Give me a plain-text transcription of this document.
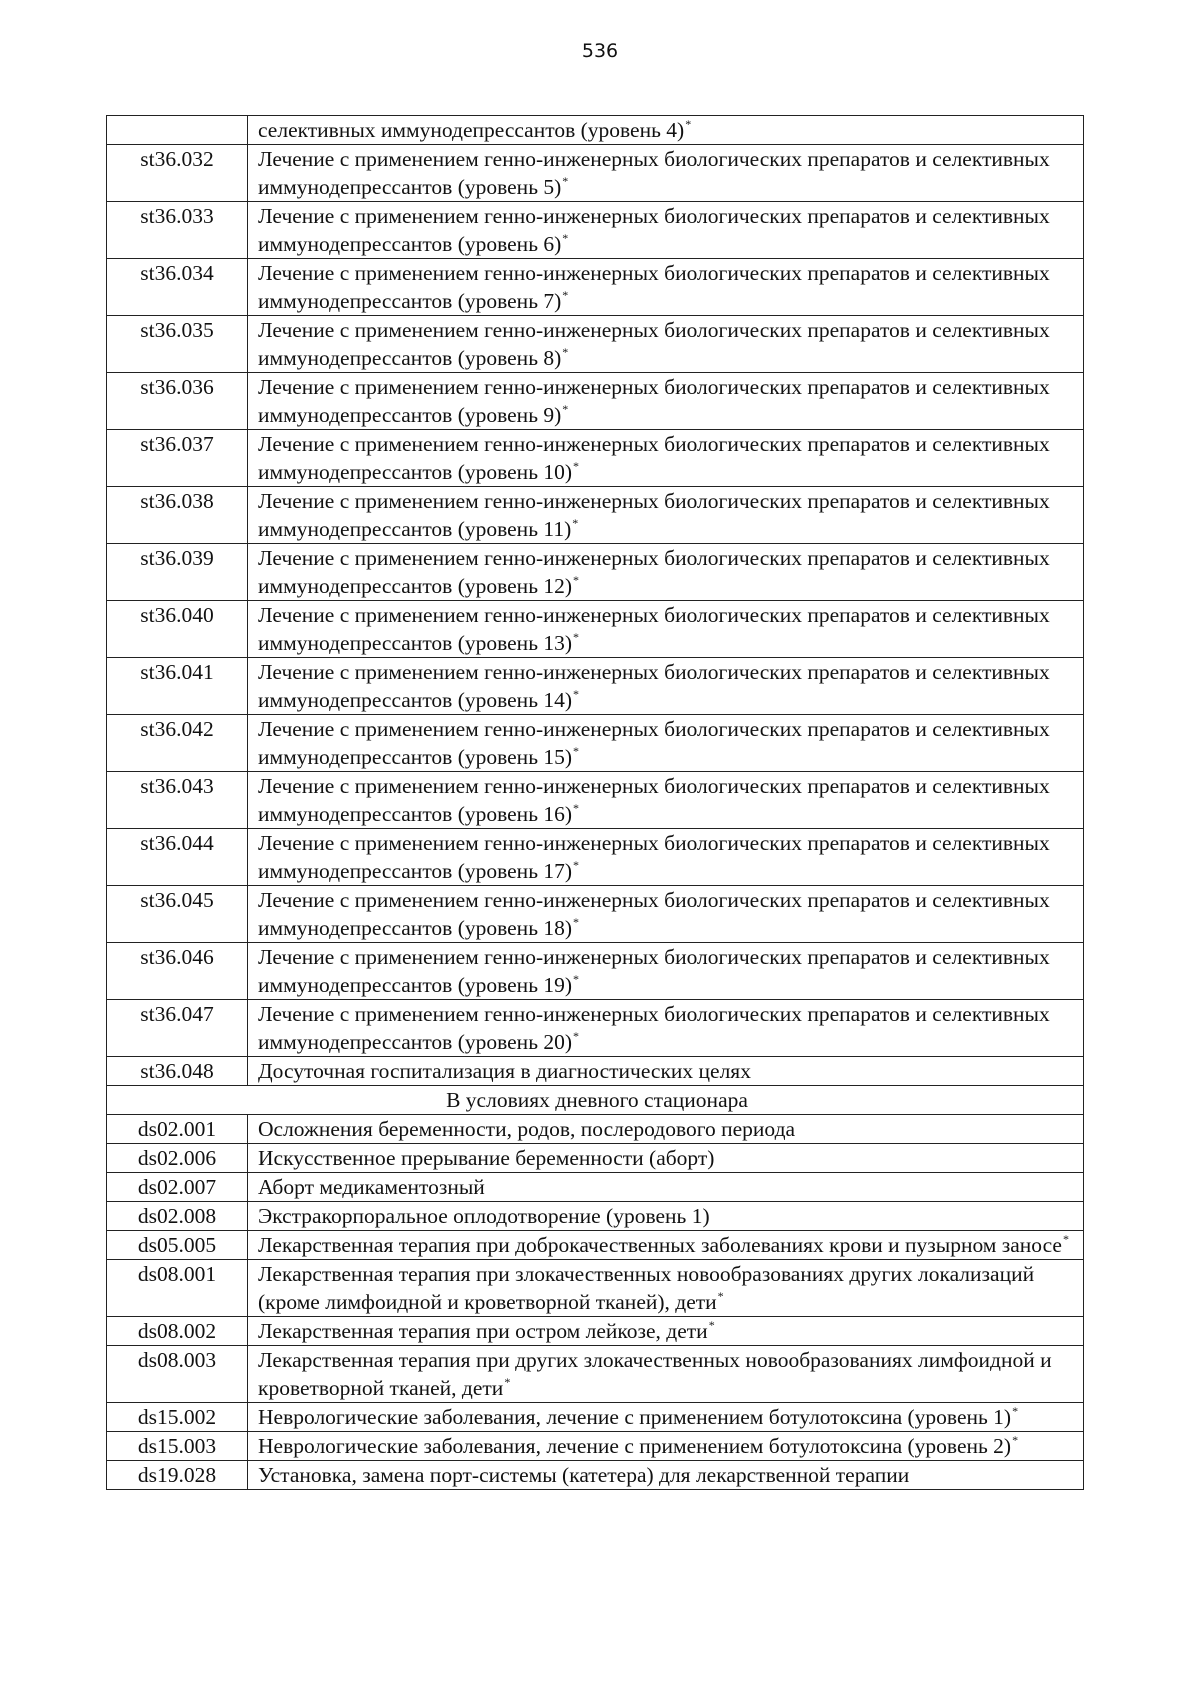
536
	селективных иммунодепрессантов (уровень 4)*
st36.032	Лечение с применением генно-инженерных биологических препаратов и селективных иммунодепрессантов (уровень 5)*
st36.033	Лечение с применением генно-инженерных биологических препаратов и селективных иммунодепрессантов (уровень 6)*
st36.034	Лечение с применением генно-инженерных биологических препаратов и селективных иммунодепрессантов (уровень 7)*
st36.035	Лечение с применением генно-инженерных биологических препаратов и селективных иммунодепрессантов (уровень 8)*
st36.036	Лечение с применением генно-инженерных биологических препаратов и селективных иммунодепрессантов (уровень 9)*
st36.037	Лечение с применением генно-инженерных биологических препаратов и селективных иммунодепрессантов (уровень 10)*
st36.038	Лечение с применением генно-инженерных биологических препаратов и селективных иммунодепрессантов (уровень 11)*
st36.039	Лечение с применением генно-инженерных биологических препаратов и селективных иммунодепрессантов (уровень 12)*
st36.040	Лечение с применением генно-инженерных биологических препаратов и селективных иммунодепрессантов (уровень 13)*
st36.041	Лечение с применением генно-инженерных биологических препаратов и селективных иммунодепрессантов (уровень 14)*
st36.042	Лечение с применением генно-инженерных биологических препаратов и селективных иммунодепрессантов (уровень 15)*
st36.043	Лечение с применением генно-инженерных биологических препаратов и селективных иммунодепрессантов (уровень 16)*
st36.044	Лечение с применением генно-инженерных биологических препаратов и селективных иммунодепрессантов (уровень 17)*
st36.045	Лечение с применением генно-инженерных биологических препаратов и селективных иммунодепрессантов (уровень 18)*
st36.046	Лечение с применением генно-инженерных биологических препаратов и селективных иммунодепрессантов (уровень 19)*
st36.047	Лечение с применением генно-инженерных биологических препаратов и селективных иммунодепрессантов (уровень 20)*
st36.048	Досуточная госпитализация в диагностических целях
В условиях дневного стационара	
ds02.001	Осложнения беременности, родов, послеродового периода
ds02.006	Искусственное прерывание беременности (аборт)
ds02.007	Аборт медикаментозный
ds02.008	Экстракорпоральное оплодотворение (уровень 1)
ds05.005	Лекарственная терапия при доброкачественных заболеваниях крови и пузырном заносе*
ds08.001	Лекарственная терапия при злокачественных новообразованиях других локализаций (кроме лимфоидной и кроветворной тканей), дети*
ds08.002	Лекарственная терапия при остром лейкозе, дети*
ds08.003	Лекарственная терапия при других злокачественных новообразованиях лимфоидной и кроветворной тканей, дети*
ds15.002	Неврологические заболевания, лечение с применением ботулотоксина (уровень 1)*
ds15.003	Неврологические заболевания, лечение с применением ботулотоксина (уровень 2)*
ds19.028	Установка, замена порт-системы (катетера) для лекарственной терапии
